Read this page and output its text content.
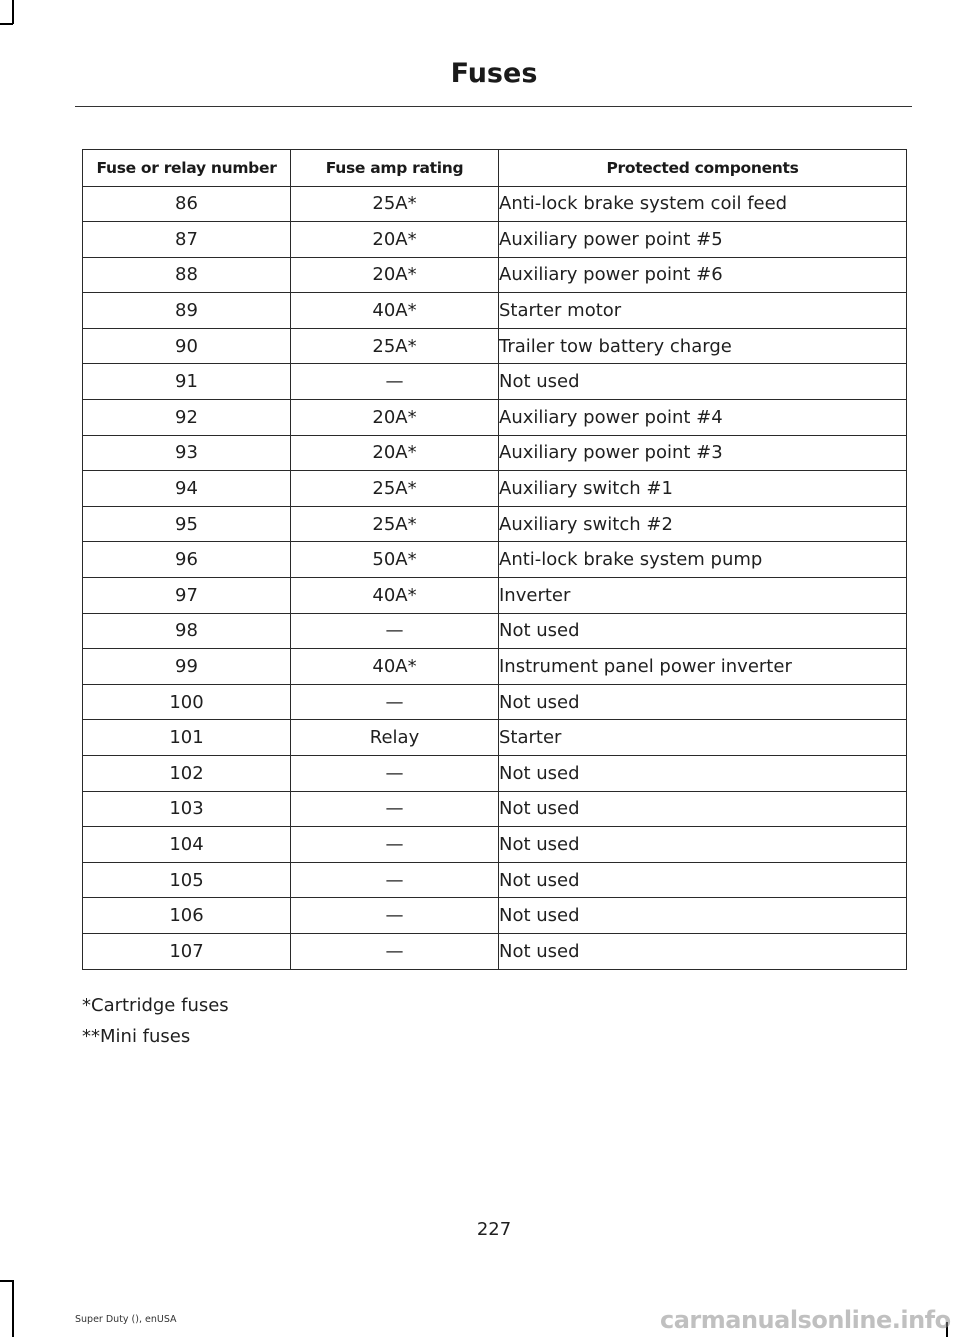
Fuses
Fuse or relay number	Fuse amp rating	Protected components
86	25A*	Anti-lock brake system coil feed
87	20A*	Auxiliary power point #5
88	20A*	Auxiliary power point #6
89	40A*	Starter motor
90	25A*	Trailer tow battery charge
91	—	Not used
92	20A*	Auxiliary power point #4
93	20A*	Auxiliary power point #3
94	25A*	Auxiliary switch #1
95	25A*	Auxiliary switch #2
96	50A*	Anti-lock brake system pump
97	40A*	Inverter
98	—	Not used
99	40A*	Instrument panel power inverter
100	—	Not used
101	Relay	Starter
102	—	Not used
103	—	Not used
104	—	Not used
105	—	Not used
106	—	Not used
107	—	Not used
*Cartridge fuses
**Mini fuses
227
Super Duty (), enUSA	carmanualsonline.info
